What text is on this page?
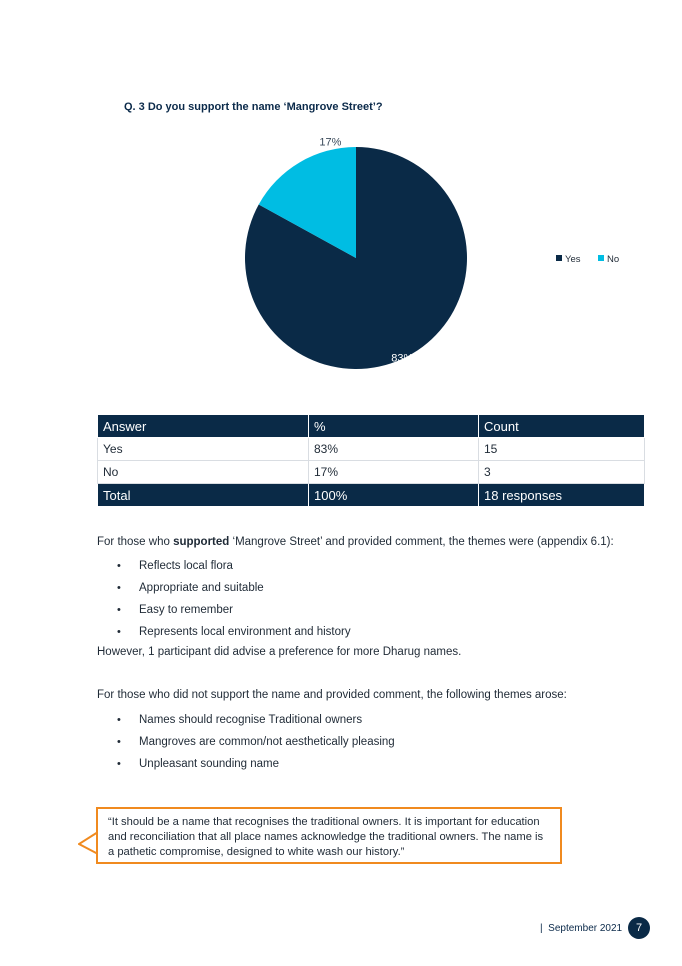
Q. 3 Do you support the name ‘Mangrove Street’?
83%
17%
Yes	No
Answer	%	Count
Yes	83%	15
No	17%	3
Total	100%	18 responses

For those who supported ‘Mangrove Street’ and provided comment, the themes were (appendix 6.1):

• Reflects local flora
• Appropriate and suitable
• Easy to remember
• Represents local environment and history

However, 1 participant did advise a preference for more Dharug names.

For those who did not support the name and provided comment, the following themes arose:

• Names should recognise Traditional owners
• Mangroves are common/not aesthetically pleasing
• Unpleasant sounding name
“It should be a name that recognises the traditional owners. It is important for education and reconciliation that all place names acknowledge the traditional owners. The name is a pathetic compromise, designed to white wash our history.”
| September 2021	7
